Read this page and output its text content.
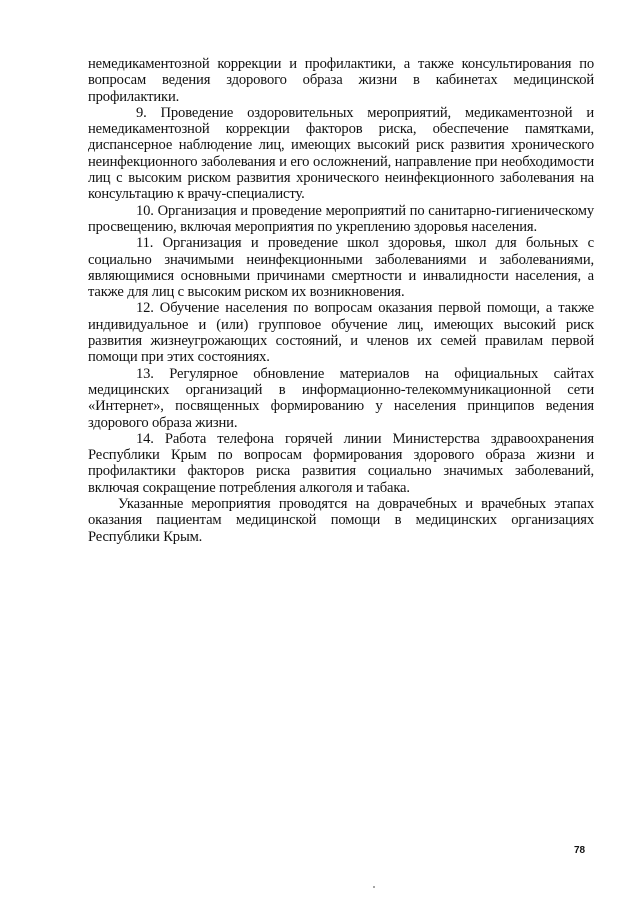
немедикаментозной коррекции и профилактики, а также консультирования по вопросам ведения здорового образа жизни в кабинетах медицинской профилактики.

9. Проведение оздоровительных мероприятий, медикаментозной и немедикаментозной коррекции факторов риска, обеспечение памятками, диспансерное наблюдение лиц, имеющих высокий риск развития хронического неинфекционного заболевания и его осложнений, направление при необходимости лиц с высоким риском развития хронического неинфекционного заболевания на консультацию к врачу-специалисту.

10. Организация и проведение мероприятий по санитарно-гигиеническому просвещению, включая мероприятия по укреплению здоровья населения.

11. Организация и проведение школ здоровья, школ для больных с социально значимыми неинфекционными заболеваниями и заболеваниями, являющимися основными причинами смертности и инвалидности населения, а также для лиц с высоким риском их возникновения.

12. Обучение населения по вопросам оказания первой помощи, а также индивидуальное и (или) групповое обучение лиц, имеющих высокий риск развития жизнеугрожающих состояний, и членов их семей правилам первой помощи при этих состояниях.

13. Регулярное обновление материалов на официальных сайтах медицинских организаций в информационно-телекоммуникационной сети «Интернет», посвященных формированию у населения принципов ведения здорового образа жизни.

14. Работа телефона горячей линии Министерства здравоохранения Республики Крым по вопросам формирования здорового образа жизни и профилактики факторов риска развития социально значимых заболеваний, включая сокращение потребления алкоголя и табака.

Указанные мероприятия проводятся на доврачебных и врачебных этапах оказания пациентам медицинской помощи в медицинских организациях Республики Крым.

78
